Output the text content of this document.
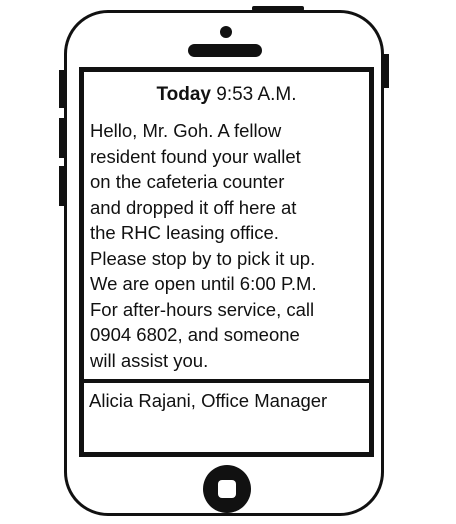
Today 9:53 A.M.
Hello, Mr. Goh. A fellow
resident found your wallet
on the cafeteria counter
and dropped it off here at
the RHC leasing office.
Please stop by to pick it up.
We are open until 6:00 P.M.
For after-hours service, call
0904 6802, and someone
will assist you.
Alicia Rajani, Office Manager
